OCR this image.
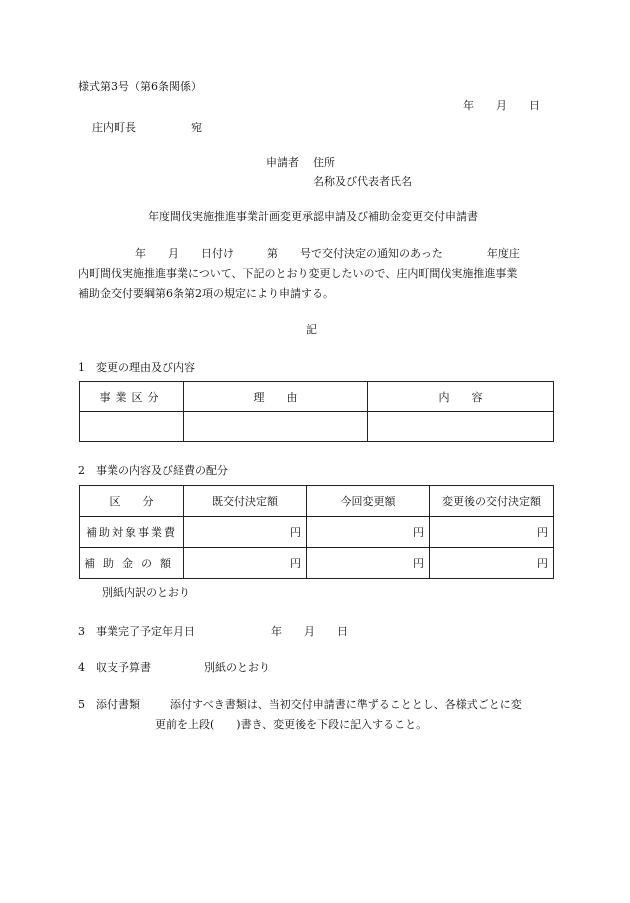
様式第3号（第6条関係）
年　　月　　日
庄内町長　　　　　宛
申請者 住所
名称及び代表者氏名
年度間伐実施推進事業計画変更承認申請及び補助金変更交付申請書
年　　月　　日付け　　　第　　号で交付決定の通知のあった　　　　年度庄
内町間伐実施推進事業について、下記のとおり変更したいので、庄内町間伐実施推進事業
補助金交付要綱第6条第2項の規定により申請する。
記
1　変更の理由及び内容
事業区分	理　　由	内　　容

2　事業の内容及び経費の配分
区　　分	既交付決定額	今回変更額	変更後の交付決定額
補助対象事業費	円	円	円
補助金の額	円	円	円
別紙内訳のとおり
3　事業完了予定年月日	年　　月　　日
4　収支予算書	別紙のとおり
5　添付書類	添付すべき書類は、当初交付申請書に準ずることとし、各様式ごとに変
更前を上段(　　)書き、変更後を下段に記入すること。
